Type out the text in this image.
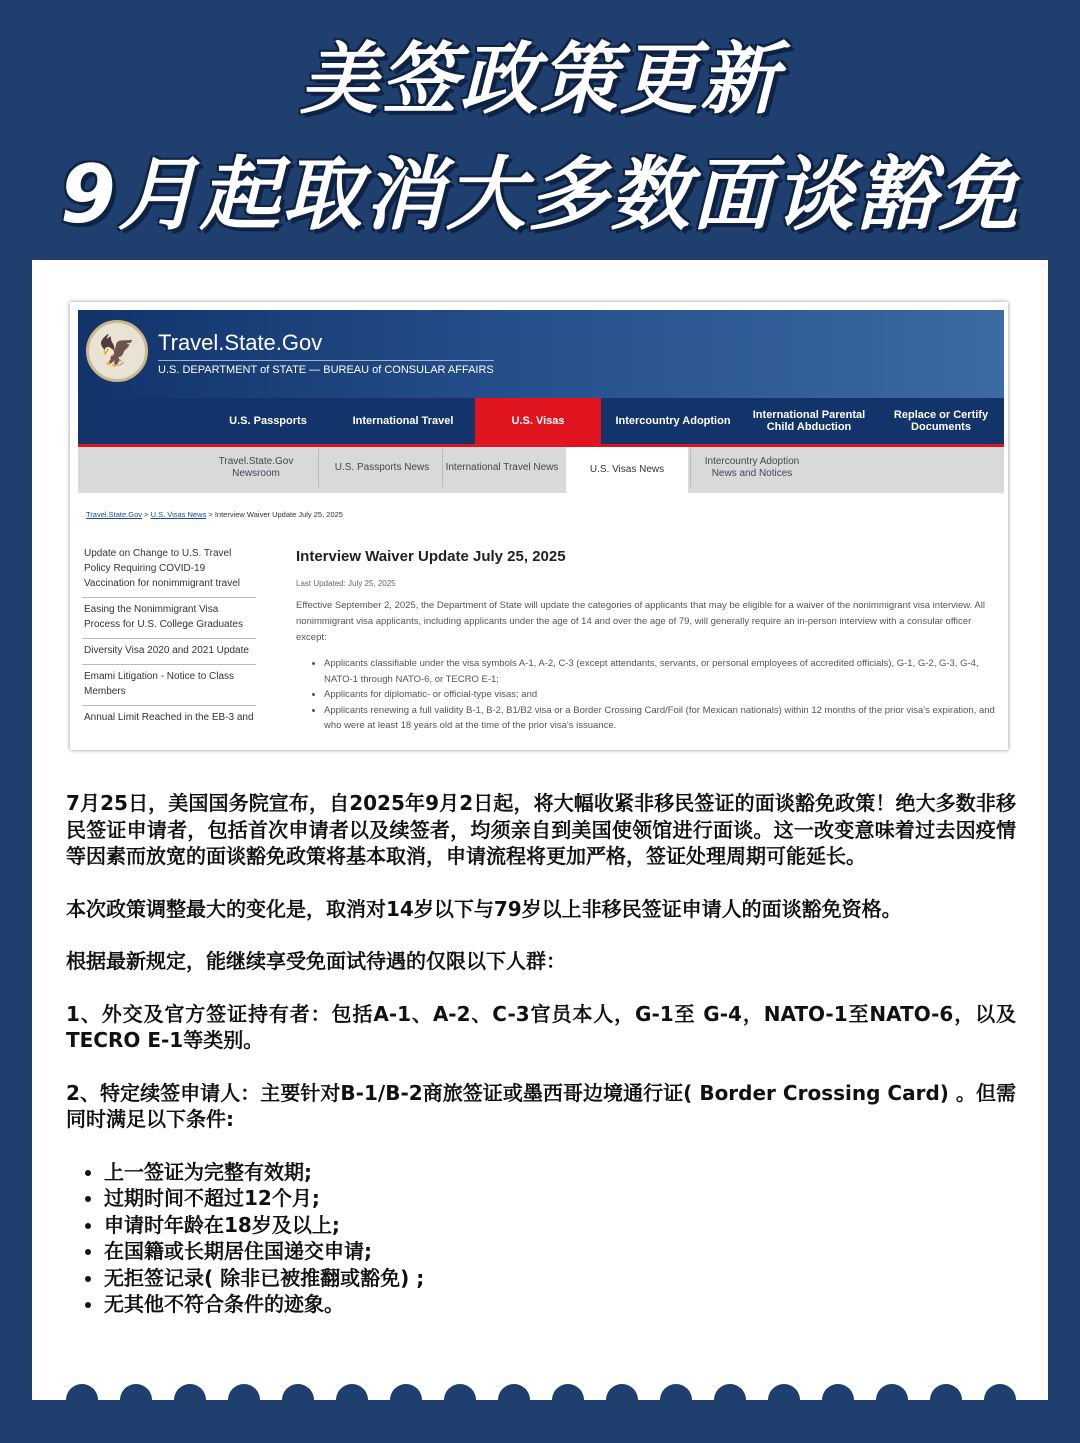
美签政策更新
9月起取消大多数面谈豁免
🦅	Travel.State.Gov
U.S. DEPARTMENT of STATE — BUREAU of CONSULAR AFFAIRS
U.S. Passports	International Travel	U.S. Visas	Intercountry Adoption	International Parental Child Abduction
Replace or Certify Documents
Travel.State.Gov Newsroom
U.S. Passports News	International Travel News	U.S. Visas News
Intercountry Adoption News and Notices
Travel.State.Gov > U.S. Visas News > Interview Waiver Update July 25, 2025
Update on Change to U.S. Travel Policy Requiring COVID-19 Vaccination for nonimmigrant travel
Easing the Nonimmigrant Visa Process for U.S. College Graduates
Diversity Visa 2020 and 2021 Update
Emami Litigation - Notice to Class Members
Annual Limit Reached in the EB-3 and
Interview Waiver Update July 25, 2025
Last Updated: July 25, 2025
Effective September 2, 2025, the Department of State will update the categories of applicants that may be eligible for a waiver of the nonimmigrant visa interview. All nonimmigrant visa applicants, including applicants under the age of 14 and over the age of 79, will generally require an in-person interview with a consular officer except:
• Applicants classifiable under the visa symbols A-1, A-2, C-3 (except attendants, servants, or personal employees of accredited officials), G-1, G-2, G-3, G-4, NATO-1 through NATO-6, or TECRO E-1;
• Applicants for diplomatic- or official-type visas; and
• Applicants renewing a full validity B-1, B-2, B1/B2 visa or a Border Crossing Card/Foil (for Mexican nationals) within 12 months of the prior visa's expiration, and who were at least 18 years old at the time of the prior visa's issuance.

7月25日，美国国务院宣布，自2025年9月2日起，将大幅收紧非移民签证的面谈豁免政策！绝大多数非移民签证申请者，包括首次申请者以及续签者，均须亲自到美国使领馆进行面谈。这一改变意味着过去因疫情等因素而放宽的面谈豁免政策将基本取消，申请流程将更加严格，签证处理周期可能延长。

本次政策调整最大的变化是，取消对14岁以下与79岁以上非移民签证申请人的面谈豁免资格。

根据最新规定，能继续享受免面试待遇的仅限以下人群：

1、外交及官方签证持有者：包括A-1、A-2、C-3官员本人，G-1至 G-4，NATO-1至NATO-6，以及TECRO E-1等类别。

2、特定续签申请人：主要针对B-1/B-2商旅签证或墨西哥边境通行证( Border Crossing Card) 。但需同时满足以下条件:

• 上一签证为完整有效期;
• 过期时间不超过12个月;
• 申请时年龄在18岁及以上;
• 在国籍或长期居住国递交申请;
• 无拒签记录( 除非已被推翻或豁免) ;
• 无其他不符合条件的迹象。
